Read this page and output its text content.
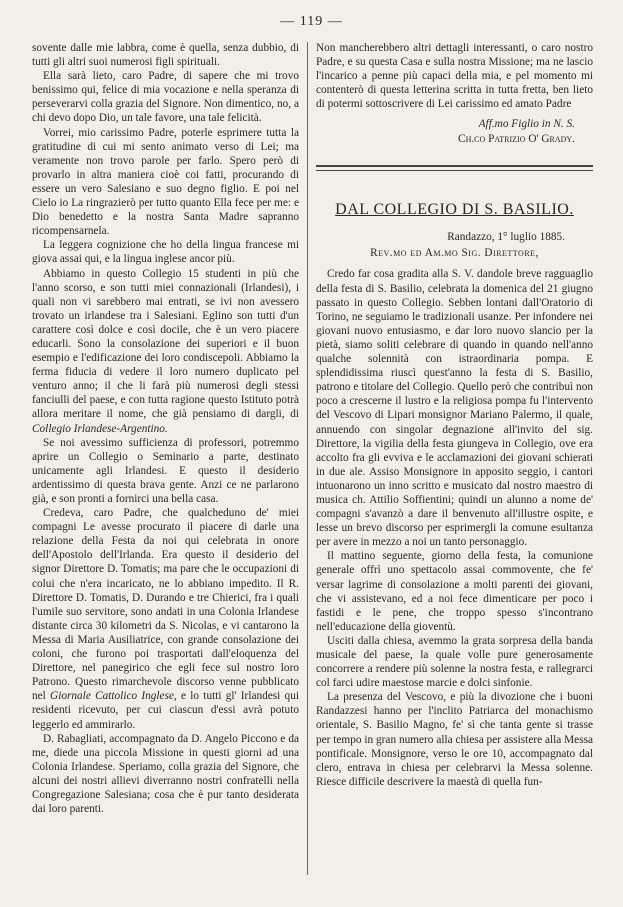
— 119 —

sovente dalle mie labbra, come è quella, senza dubbio, di tutti gli altri suoi numerosi figli spirituali.

Ella sarà lieto, caro Padre, di sapere che mi trovo benissimo qui, felice di mia vocazione e nella speranza di perseverarvi colla grazia del Signore. Non dimentico, no, a chi devo dopo Dio, un tale favore, una tale felicità.

Vorrei, mio carissimo Padre, poterle esprimere tutta la gratitudine di cui mi sento animato verso di Lei; ma veramente non trovo parole per farlo. Spero però di provarlo in altra maniera cioè coi fatti, procurando di essere un vero Salesiano e suo degno figlio. E poi nel Cielo io La ringrazierò per tutto quanto Ella fece per me: e Dio benedetto e la nostra Santa Madre sapranno ricompensarnela.

La leggera cognizione che ho della lingua francese mi giova assai qui, e la lingua inglese ancor più.

Abbiamo in questo Collegio 15 studenti in più che l'anno scorso, e son tutti miei connazionali (Irlandesi), i quali non vi sarebbero mai entrati, se ivi non avessero trovato un irlandese tra i Salesiani. Eglino son tutti d'un carattere così dolce e così docile, che è un vero piacere educarli. Sono la consolazione dei superiori e il buon esempio e l'edificazione dei loro condiscepoli. Abbiamo la ferma fiducia di vedere il loro numero duplicato pel venturo anno; il che li farà più numerosi degli stessi fanciulli del paese, e con tutta ragione questo Istituto potrà allora meritare il nome, che già pensiamo di dargli, di Collegio Irlandese-Argentino.

Se noi avessimo sufficienza di professori, potremmo aprire un Collegio o Seminario a parte, destinato unicamente agli Irlandesi. E questo il desiderio ardentissimo di questa brava gente. Anzi ce ne parlarono già, e son pronti a fornirci una bella casa.

Credeva, caro Padre, che qualcheduno de' miei compagni Le avesse procurato il piacere di darle una relazione della Festa da noi qui celebrata in onore dell'Apostolo dell'Irlanda. Era questo il desiderio del signor Direttore D. Tomatis; ma pare che le occupazioni di colui che n'era incaricato, ne lo abbiano impedito. Il R. Direttore D. Tomatis, D. Durando e tre Chierici, fra i quali l'umile suo servitore, sono andati in una Colonia Irlandese distante circa 30 kilometri da S. Nicolas, e vi cantarono la Messa di Maria Ausiliatrice, con grande consolazione dei coloni, che furono poi trasportati dall'eloquenza del Direttore, nel panegirico che egli fece sul nostro loro Patrono. Questo rimarchevole discorso venne pubblicato nel Giornale Cattolico Inglese, e lo tutti gl' Irlandesi qui residenti ricevuto, per cui ciascun d'essi avrà potuto leggerlo ed ammirarlo.

D. Rabagliati, accompagnato da D. Angelo Piccono e da me, diede una piccola Missione in questi giorni ad una Colonia Irlandese. Speriamo, colla grazia del Signore, che alcuni dei nostri allievi diverranno nostri confratelli nella Congregazione Salesiana; cosa che è pur tanto desiderata dai loro parenti.

Non mancherebbero altri dettagli interessanti, o caro nostro Padre, e su questa Casa e sulla nostra Missione; ma ne lascio l'incarico a penne più capaci della mia, e pel momento mi contenterò di questa letterina scritta in tutta fretta, ben lieto di potermi sottoscrivere di Lei carissimo ed amato Padre

Aff.mo Figlio in N. S.

Ch.co Patrizio O' Grady.

DAL COLLEGIO DI S. BASILIO.

Randazzo, 1° luglio 1885.

Rev.mo ed Am.mo Sig. Direttore,

Credo far cosa gradita alla S. V. dandole breve ragguaglio della festa di S. Basilio, celebrata la domenica del 21 giugno passato in questo Collegio. Sebben lontani dall'Oratorio di Torino, ne seguiamo le tradizionali usanze. Per infondere nei giovani nuovo entusiasmo, e dar loro nuovo slancio per la pietà, siamo soliti celebrare di quando in quando nell'anno qualche solennità con istraordinaria pompa. E splendidissima riuscì quest'anno la festa di S. Basilio, patrono e titolare del Collegio. Quello però che contribuì non poco a crescerne il lustro e la religiosa pompa fu l'intervento del Vescovo di Lipari monsignor Mariano Palermo, il quale, annuendo con singolar degnazione all'invito del sig. Direttore, la vigilia della festa giungeva in Collegio, ove era accolto fra gli evviva e le acclamazioni dei giovani schierati in due ale. Assiso Monsignore in apposito seggio, i cantori intuonarono un inno scritto e musicato dal nostro maestro di musica ch. Attilio Soffientini; quindi un alunno a nome de' compagni s'avanzò a dare il benvenuto all'illustre ospite, e lesse un brevo discorso per esprimergli la comune esultanza per avere in mezzo a noi un tanto personaggio.

Il mattino seguente, giorno della festa, la comunione generale offrì uno spettacolo assai commovente, che fe' versar lagrime di consolazione a molti parenti dei giovani, che vi assistevano, ed a noi fece dimenticare per poco i fastidi e le pene, che troppo spesso s'incontrano nell'educazione della gioventù.

Usciti dalla chiesa, avemmo la grata sorpresa della banda musicale del paese, la quale volle pure generosamente concorrere a rendere più solenne la nostra festa, e rallegrarci col farci udire maestose marcie e dolci sinfonie.

La presenza del Vescovo, e più la divozione che i buoni Randazzesi hanno per l'inclito Patriarca del monachismo orientale, S. Basilio Magno, fe' sì che tanta gente si trasse per tempo in gran numero alla chiesa per assistere alla Messa pontificale. Monsignore, verso le ore 10, accompagnato dal clero, entrava in chiesa per celebrarvi la Messa solenne. Riesce difficile descrivere la maestà di quella fun-
